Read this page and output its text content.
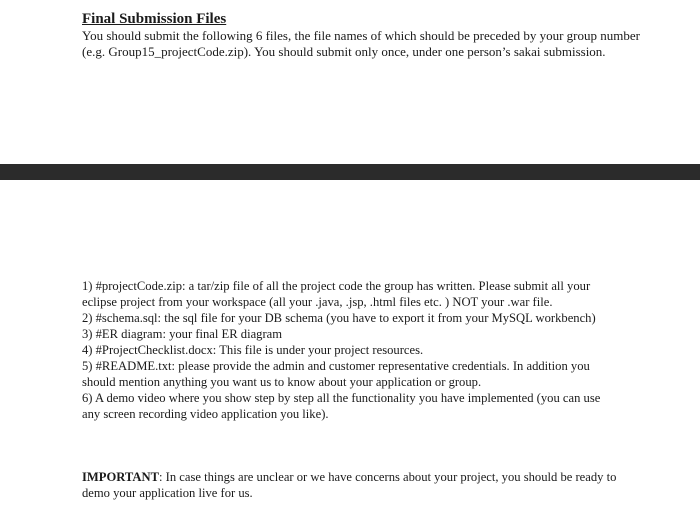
Final Submission Files

You should submit the following 6 files, the file names of which should be preceded by your group number (e.g. Group15_projectCode.zip). You should submit only once, under one person’s sakai submission.

1) #projectCode.zip: a tar/zip file of all the project code the group has written. Please submit all your eclipse project from your workspace (all your .java, .jsp, .html files etc. ) NOT your .war file.

2) #schema.sql: the sql file for your DB schema (you have to export it from your MySQL workbench)

3) #ER diagram: your final ER diagram

4) #ProjectChecklist.docx: This file is under your project resources.

5) #README.txt: please provide the admin and customer representative credentials. In addition you should mention anything you want us to know about your application or group.

6) A demo video where you show step by step all the functionality you have implemented (you can use any screen recording video application you like).

IMPORTANT: In case things are unclear or we have concerns about your project, you should be ready to demo your application live for us.
